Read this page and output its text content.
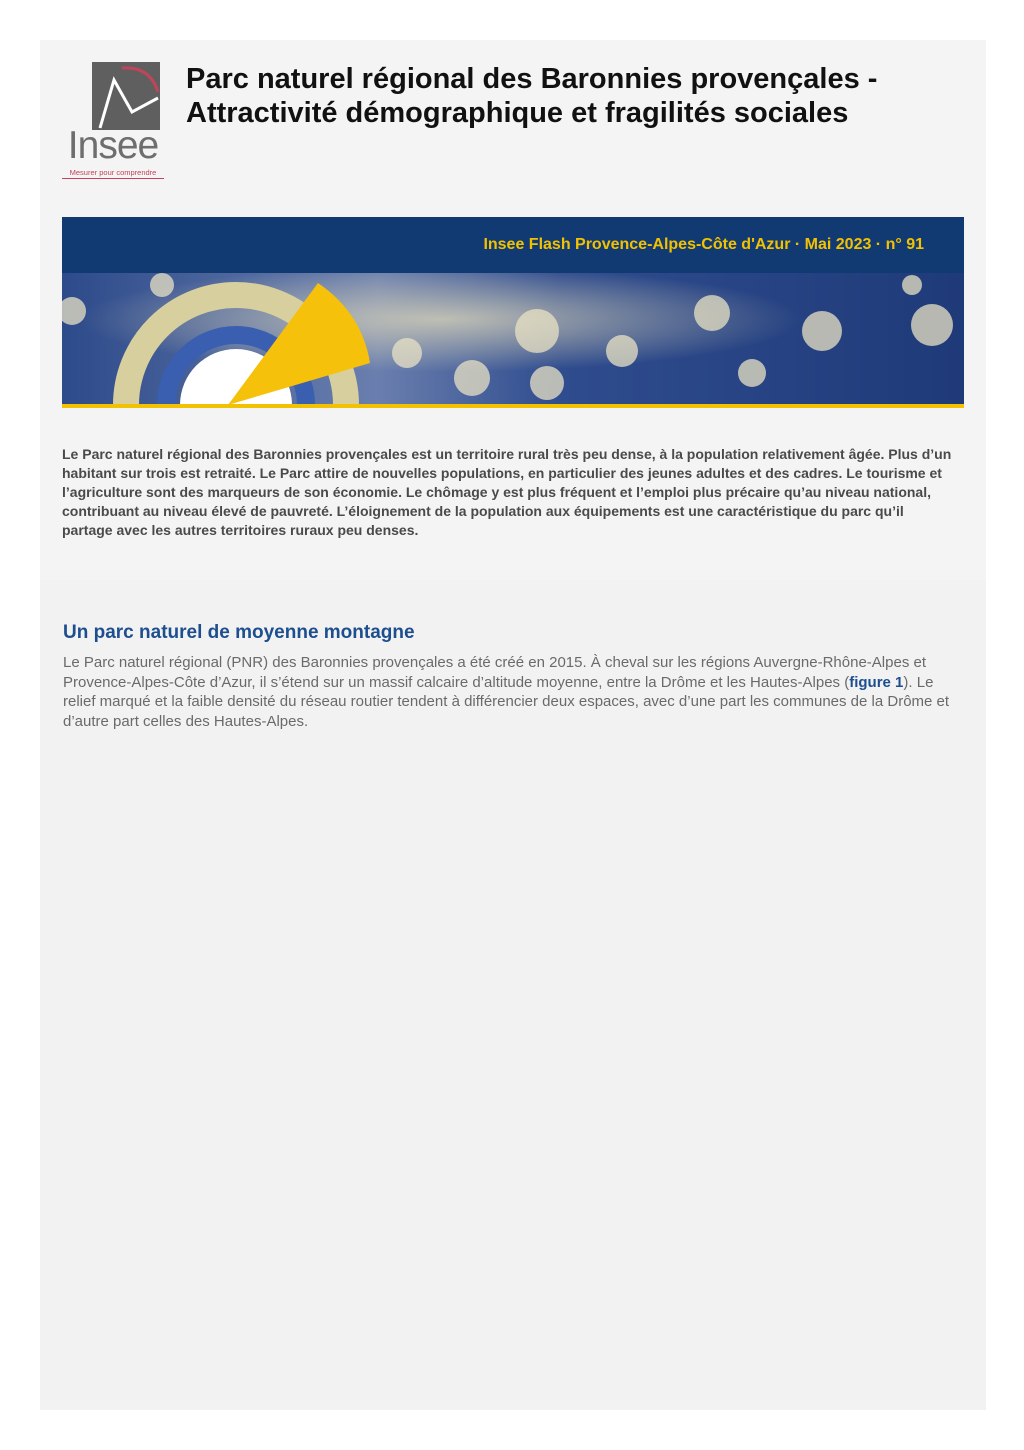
Insee
Mesurer pour comprendre
Parc naturel régional des Baronnies provençales -
Attractivité démographique et fragilités sociales
Insee Flash Provence-Alpes-Côte d'Azur · Mai 2023 · n° 91

Le Parc naturel régional des Baronnies provençales est un territoire rural très peu dense, à la population relativement âgée. Plus d’un habitant sur trois est retraité. Le Parc attire de nouvelles populations, en particulier des jeunes adultes et des cadres. Le tourisme et l’agriculture sont des marqueurs de son économie. Le chômage y est plus fréquent et l’emploi plus précaire qu’au niveau national, contribuant au niveau élevé de pauvreté. L’éloignement de la population aux équipements est une caractéristique du parc qu’il partage avec les autres territoires ruraux peu denses.

Un parc naturel de moyenne montagne

Le Parc naturel régional (PNR) des Baronnies provençales a été créé en 2015. À cheval sur les régions Auvergne-Rhône-Alpes et Provence-Alpes-Côte d’Azur, il s’étend sur un massif calcaire d’altitude moyenne, entre la Drôme et les Hautes-Alpes (figure 1). Le relief marqué et la faible densité du réseau routier tendent à différencier deux espaces, avec d’une part les communes de la Drôme et d’autre part celles des Hautes-Alpes.
